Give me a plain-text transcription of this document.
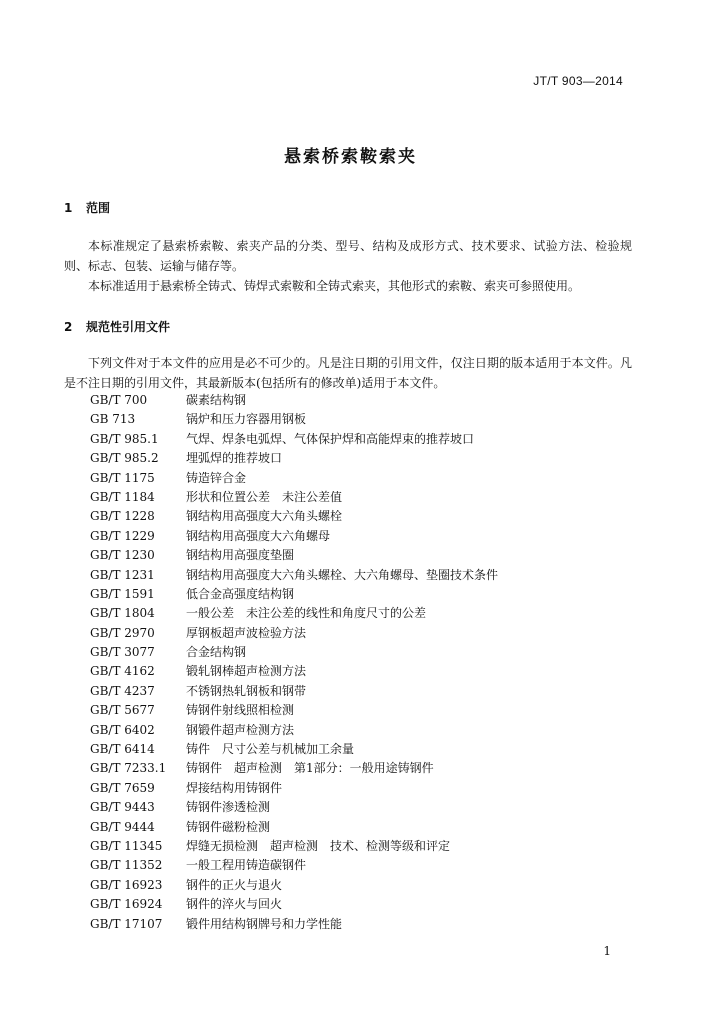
JT/T 903—2014
悬索桥索鞍索夹
1 范围
本标准规定了悬索桥索鞍、索夹产品的分类、型号、结构及成形方式、技术要求、试验方法、检验规则、标志、包装、运输与储存等。
本标准适用于悬索桥全铸式、铸焊式索鞍和全铸式索夹，其他形式的索鞍、索夹可参照使用。
2 规范性引用文件
下列文件对于本文件的应用是必不可少的。凡是注日期的引用文件，仅注日期的版本适用于本文件。凡是不注日期的引用文件，其最新版本(包括所有的修改单)适用于本文件。
GB/T 700	碳素结构钢
GB 713	锅炉和压力容器用钢板
GB/T 985.1 气焊、焊条电弧焊、气体保护焊和高能焊束的推荐坡口
GB/T 985.2 埋弧焊的推荐坡口
GB/T 1175	铸造锌合金
GB/T 1184	形状和位置公差　未注公差值
GB/T 1228	钢结构用高强度大六角头螺栓
GB/T 1229	钢结构用高强度大六角螺母
GB/T 1230	钢结构用高强度垫圈
GB/T 1231	钢结构用高强度大六角头螺栓、大六角螺母、垫圈技术条件
GB/T 1591	低合金高强度结构钢
GB/T 1804	一般公差　未注公差的线性和角度尺寸的公差
GB/T 2970	厚钢板超声波检验方法
GB/T 3077	合金结构钢
GB/T 4162	锻轧钢棒超声检测方法
GB/T 4237	不锈钢热轧钢板和钢带
GB/T 5677	铸钢件射线照相检测
GB/T 6402	钢锻件超声检测方法
GB/T 6414	铸件　尺寸公差与机械加工余量
GB/T 7233.1 铸钢件　超声检测　第1部分：一般用途铸钢件
GB/T 7659	焊接结构用铸钢件
GB/T 9443	铸钢件渗透检测
GB/T 9444	铸钢件磁粉检测
GB/T 11345 焊缝无损检测　超声检测　技术、检测等级和评定
GB/T 11352 一般工程用铸造碳钢件
GB/T 16923 钢件的正火与退火
GB/T 16924 钢件的淬火与回火
GB/T 17107 锻件用结构钢牌号和力学性能
1
